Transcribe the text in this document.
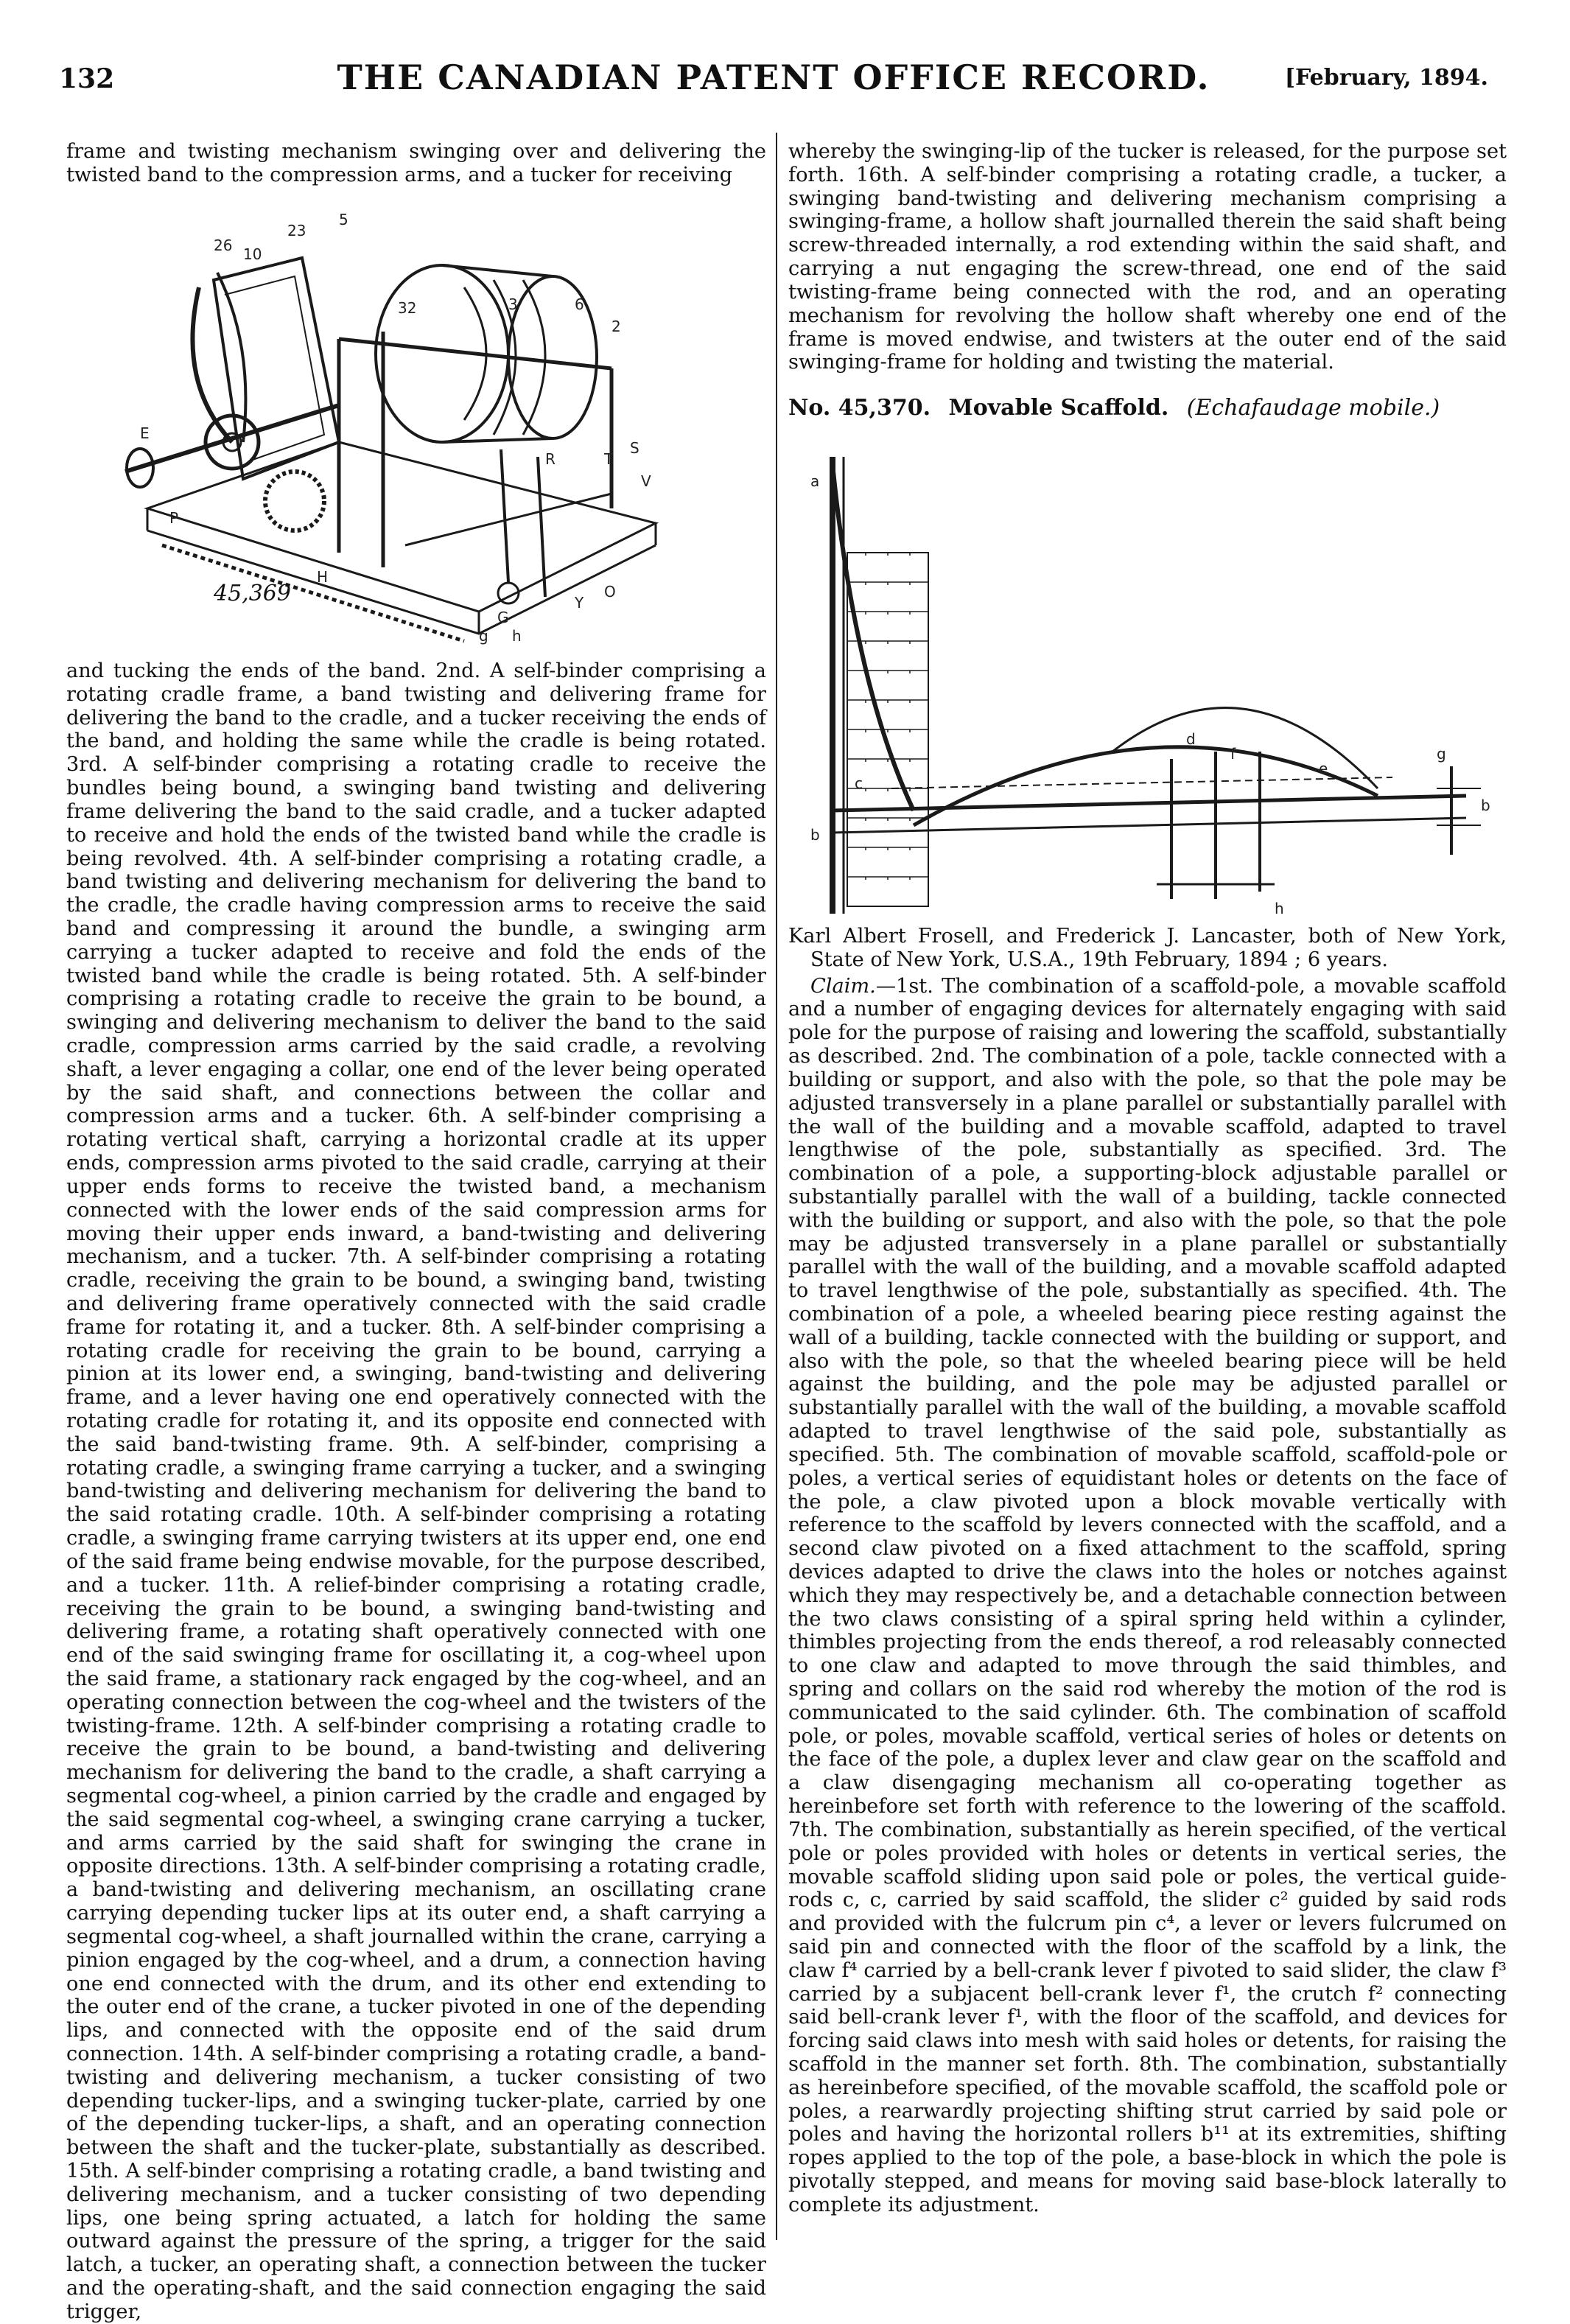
132	THE CANADIAN PATENT OFFICE RECORD.	[February, 1894.

frame and twisting mechanism swinging over and delivering the twisted band to the compression arms, and a tucker for receiving

26 10
23
5
32	3	6
2
E
T
S
V
R
P
H
O
Y
G
h
g
45,369

and tucking the ends of the band. 2nd. A self-binder comprising a rotating cradle frame, a band twisting and delivering frame for delivering the band to the cradle, and a tucker receiving the ends of the band, and holding the same while the cradle is being rotated. 3rd. A self-binder comprising a rotating cradle to receive the bundles being bound, a swinging band twisting and delivering frame delivering the band to the said cradle, and a tucker adapted to receive and hold the ends of the twisted band while the cradle is being revolved. 4th. A self-binder comprising a rotating cradle, a band twisting and delivering mechanism for delivering the band to the cradle, the cradle having compression arms to receive the said band and compressing it around the bundle, a swinging arm carrying a tucker adapted to receive and fold the ends of the twisted band while the cradle is being rotated. 5th. A self-binder comprising a rotating cradle to receive the grain to be bound, a swinging and delivering mechanism to deliver the band to the said cradle, compression arms carried by the said cradle, a revolving shaft, a lever engaging a collar, one end of the lever being operated by the said shaft, and connections between the collar and compression arms and a tucker. 6th. A self-binder comprising a rotating vertical shaft, carrying a horizontal cradle at its upper ends, compression arms pivoted to the said cradle, carrying at their upper ends forms to receive the twisted band, a mechanism connected with the lower ends of the said compression arms for moving their upper ends inward, a band-twisting and delivering mechanism, and a tucker. 7th. A self-binder comprising a rotating cradle, receiving the grain to be bound, a swinging band, twisting and delivering frame operatively connected with the said cradle frame for rotating it, and a tucker. 8th. A self-binder comprising a rotating cradle for receiving the grain to be bound, carrying a pinion at its lower end, a swinging, band-twisting and delivering frame, and a lever having one end operatively connected with the rotating cradle for rotating it, and its opposite end connected with the said band-twisting frame. 9th. A self-binder, comprising a rotating cradle, a swinging frame carrying a tucker, and a swinging band-twisting and delivering mechanism for delivering the band to the said rotating cradle. 10th. A self-binder comprising a rotating cradle, a swinging frame carrying twisters at its upper end, one end of the said frame being endwise movable, for the purpose described, and a tucker. 11th. A relief-binder comprising a rotating cradle, receiving the grain to be bound, a swinging band-twisting and delivering frame, a rotating shaft operatively connected with one end of the said swinging frame for oscillating it, a cog-wheel upon the said frame, a stationary rack engaged by the cog-wheel, and an operating connection between the cog-wheel and the twisters of the twisting-frame. 12th. A self-binder comprising a rotating cradle to receive the grain to be bound, a band-twisting and delivering mechanism for delivering the band to the cradle, a shaft carrying a segmental cog-wheel, a pinion carried by the cradle and engaged by the said segmental cog-wheel, a swinging crane carrying a tucker, and arms carried by the said shaft for swinging the crane in opposite directions. 13th. A self-binder comprising a rotating cradle, a band-twisting and delivering mechanism, an oscillating crane carrying depending tucker lips at its outer end, a shaft carrying a segmental cog-wheel, a shaft journalled within the crane, carrying a pinion engaged by the cog-wheel, and a drum, a connection having one end connected with the drum, and its other end extending to the outer end of the crane, a tucker pivoted in one of the depending lips, and connected with the opposite end of the said drum connection. 14th. A self-binder comprising a rotating cradle, a band-twisting and delivering mechanism, a tucker consisting of two depending tucker-lips, and a swinging tucker-plate, carried by one of the depending tucker-lips, a shaft, and an operating connection between the shaft and the tucker-plate, substantially as described. 15th. A self-binder comprising a rotating cradle, a band twisting and delivering mechanism, and a tucker consisting of two depending lips, one being spring actuated, a latch for holding the same outward against the pressure of the spring, a trigger for the said latch, a tucker, an operating shaft, a connection between the tucker and the operating-shaft, and the said connection engaging the said trigger,

whereby the swinging-lip of the tucker is released, for the purpose set forth. 16th. A self-binder comprising a rotating cradle, a tucker, a swinging band-twisting and delivering mechanism comprising a swinging-frame, a hollow shaft journalled therein the said shaft being screw-threaded internally, a rod extending within the said shaft, and carrying a nut engaging the screw-thread, one end of the said twisting-frame being connected with the rod, and an operating mechanism for revolving the hollow shaft whereby one end of the frame is moved endwise, and twisters at the outer end of the said swinging-frame for holding and twisting the material.

No. 45,370. Movable Scaffold. (Echafaudage mobile.)

a
c
b
d
f
h
e
g
b

Karl Albert Frosell, and Frederick J. Lancaster, both of New York, State of New York, U.S.A., 19th February, 1894 ; 6 years.

Claim.—1st. The combination of a scaffold-pole, a movable scaffold and a number of engaging devices for alternately engaging with said pole for the purpose of raising and lowering the scaffold, substantially as described. 2nd. The combination of a pole, tackle connected with a building or support, and also with the pole, so that the pole may be adjusted transversely in a plane parallel or substantially parallel with the wall of the building and a movable scaffold, adapted to travel lengthwise of the pole, substantially as specified. 3rd. The combination of a pole, a supporting-block adjustable parallel or substantially parallel with the wall of a building, tackle connected with the building or support, and also with the pole, so that the pole may be adjusted transversely in a plane parallel or substantially parallel with the wall of the building, and a movable scaffold adapted to travel lengthwise of the pole, substantially as specified. 4th. The combination of a pole, a wheeled bearing piece resting against the wall of a building, tackle connected with the building or support, and also with the pole, so that the wheeled bearing piece will be held against the building, and the pole may be adjusted parallel or substantially parallel with the wall of the building, a movable scaffold adapted to travel lengthwise of the said pole, substantially as specified. 5th. The combination of movable scaffold, scaffold-pole or poles, a vertical series of equidistant holes or detents on the face of the pole, a claw pivoted upon a block movable vertically with reference to the scaffold by levers connected with the scaffold, and a second claw pivoted on a fixed attachment to the scaffold, spring devices adapted to drive the claws into the holes or notches against which they may respectively be, and a detachable connection between the two claws consisting of a spiral spring held within a cylinder, thimbles projecting from the ends thereof, a rod releasably connected to one claw and adapted to move through the said thimbles, and spring and collars on the said rod whereby the motion of the rod is communicated to the said cylinder. 6th. The combination of scaffold pole, or poles, movable scaffold, vertical series of holes or detents on the face of the pole, a duplex lever and claw gear on the scaffold and a claw disengaging mechanism all co-operating together as hereinbefore set forth with reference to the lowering of the scaffold. 7th. The combination, substantially as herein specified, of the vertical pole or poles provided with holes or detents in vertical series, the movable scaffold sliding upon said pole or poles, the vertical guide-rods c, c, carried by said scaffold, the slider c² guided by said rods and provided with the fulcrum pin c⁴, a lever or levers fulcrumed on said pin and connected with the floor of the scaffold by a link, the claw f⁴ carried by a bell-crank lever f pivoted to said slider, the claw f³ carried by a subjacent bell-crank lever f¹, the crutch f² connecting said bell-crank lever f¹, with the floor of the scaffold, and devices for forcing said claws into mesh with said holes or detents, for raising the scaffold in the manner set forth. 8th. The combination, substantially as hereinbefore specified, of the movable scaffold, the scaffold pole or poles, a rearwardly projecting shifting strut carried by said pole or poles and having the horizontal rollers b¹¹ at its extremities, shifting ropes applied to the top of the pole, a base-block in which the pole is pivotally stepped, and means for moving said base-block laterally to complete its adjustment.
